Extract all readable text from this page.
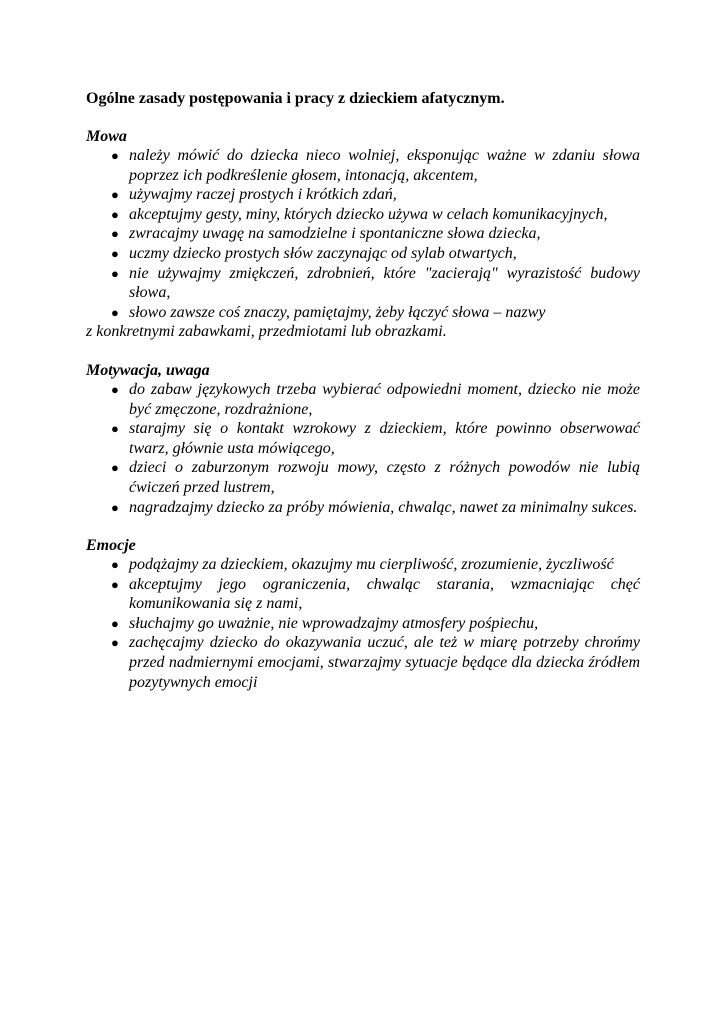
Ogólne zasady postępowania i pracy z dzieckiem afatycznym.
Mowa
● należy mówić do dziecka nieco wolniej, eksponując ważne w zdaniu słowa poprzez ich podkreślenie głosem, intonacją, akcentem,
● używajmy raczej prostych i krótkich zdań,
● akceptujmy gesty, miny, których dziecko używa w celach komunikacyjnych,
● zwracajmy uwagę na samodzielne i spontaniczne słowa dziecka,
● uczmy dziecko prostych słów zaczynając od sylab otwartych,
● nie używajmy zmiękczeń, zdrobnień, które "zacierają" wyrazistość budowy słowa,
● słowo zawsze coś znaczy, pamiętajmy, żeby łączyć słowa – nazwy
z konkretnymi zabawkami, przedmiotami lub obrazkami.
Motywacja, uwaga
● do zabaw językowych trzeba wybierać odpowiedni moment, dziecko nie może być zmęczone, rozdrażnione,
● starajmy się o kontakt wzrokowy z dzieckiem, które powinno obserwować twarz, głównie usta mówiącego,
● dzieci o zaburzonym rozwoju mowy, często z różnych powodów nie lubią ćwiczeń przed lustrem,
● nagradzajmy dziecko za próby mówienia, chwaląc, nawet za minimalny sukces.
Emocje
● podążajmy za dzieckiem, okazujmy mu cierpliwość, zrozumienie, życzliwość
● akceptujmy jego ograniczenia, chwaląc starania, wzmacniając chęć komunikowania się z nami,
● słuchajmy go uważnie, nie wprowadzajmy atmosfery pośpiechu,
● zachęcajmy dziecko do okazywania uczuć, ale też w miarę potrzeby chrońmy przed nadmiernymi emocjami, stwarzajmy sytuacje będące dla dziecka źródłem pozytywnych emocji
